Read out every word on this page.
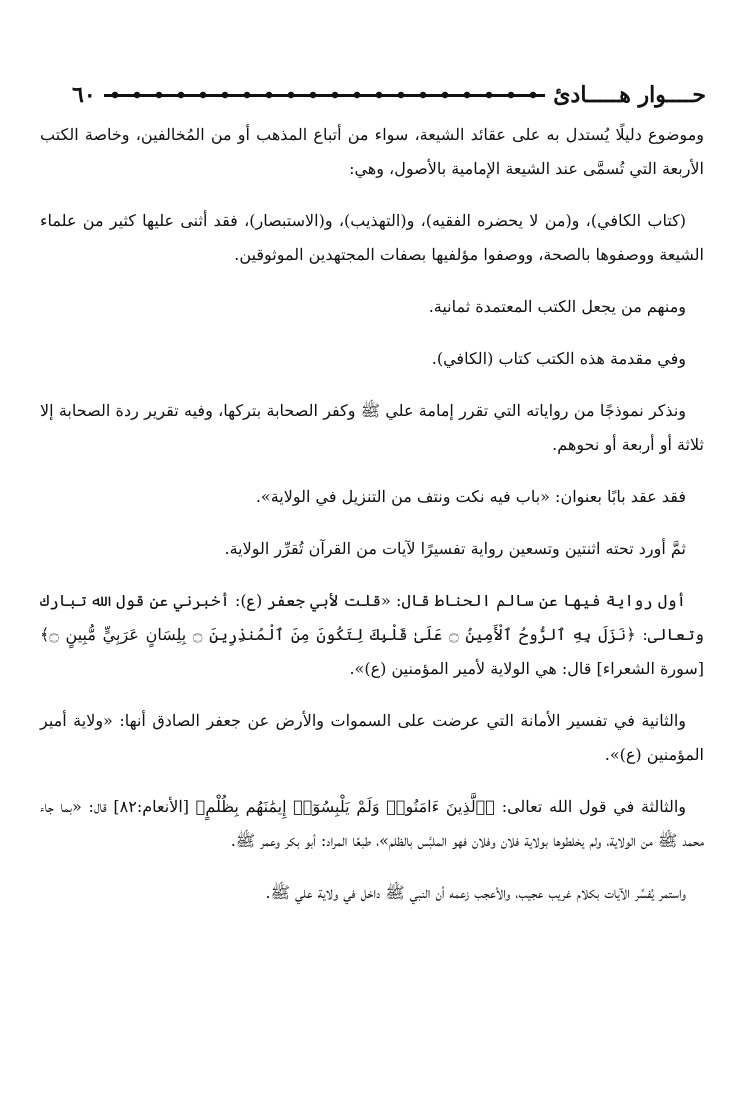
حــــوار هـــــادئ
٦٠

وموضوع دليلًا يُستدل به على عقائد الشيعة، سواء من أتباع المذهب أو من المُخالفين، وخاصة الكتب الأربعة التي تُسمَّى عند الشيعة الإمامية بالأصول، وهي:

(كتاب الكافي)، و(من لا يحضره الفقيه)، و(التهذيب)، و(الاستبصار)، فقد أثنى عليها كثير من علماء الشيعة ووصفوها بالصحة، ووصفوا مؤلفيها بصفات المجتهدين الموثوقين.

ومنهم من يجعل الكتب المعتمدة ثمانية.

وفي مقدمة هذه الكتب كتاب (الكافي).

ونذكر نموذجًا من رواياته التي تقرر إمامة علي ﷺ وكفر الصحابة بتركها، وفيه تقرير ردة الصحابة إلا ثلاثة أو أربعة أو نحوهم.

فقد عقد بابًا بعنوان: «باب فيه نكت ونتف من التنزيل في الولاية».

ثمَّ أورد تحته اثنتين وتسعين رواية تفسيرًا لآيات من القرآن تُقرِّر الولاية.

أول رواية فيها عن سالم الحناط قال: «قلت لأبي جعفر (ع): أخبرني عن قول الله تبارك وتعالى: ﴿نَزَلَ بِهِ ٱلرُّوحُ ٱلْأَمِينُ ۝ عَلَىٰ قَلْبِكَ لِتَكُونَ مِنَ ٱلْمُنذِرِينَ ۝ بِلِسَانٍ عَرَبِيٍّ مُّبِينٍ ۝﴾ [سورة الشعراء] قال: هي الولاية لأمير المؤمنين (ع)».

والثانية في تفسير الأمانة التي عرضت على السموات والأرض عن جعفر الصادق أنها: «ولاية أمير المؤمنين (ع)».

والثالثة في قول الله تعالى: ﴿ٱلَّذِينَ ءَامَنُوا۟ وَلَمْ يَلْبِسُوٓا۟ إِيمَٰنَهُم بِظُلْمٍ﴾ [الأنعام:٨٢] قال: «بما جاء محمد ﷺ من الولاية، ولم يخلطوها بولاية فلان وفلان فهو الملبَّس بالظلم»، طبعًا المراد: أبو بكر وعمر ﷺ.

واستمر يُفسِّر الآيات بكلام غريب عجيب، والأعجب زعمه أن النبي ﷺ داخل في ولاية علي ﷺ.
